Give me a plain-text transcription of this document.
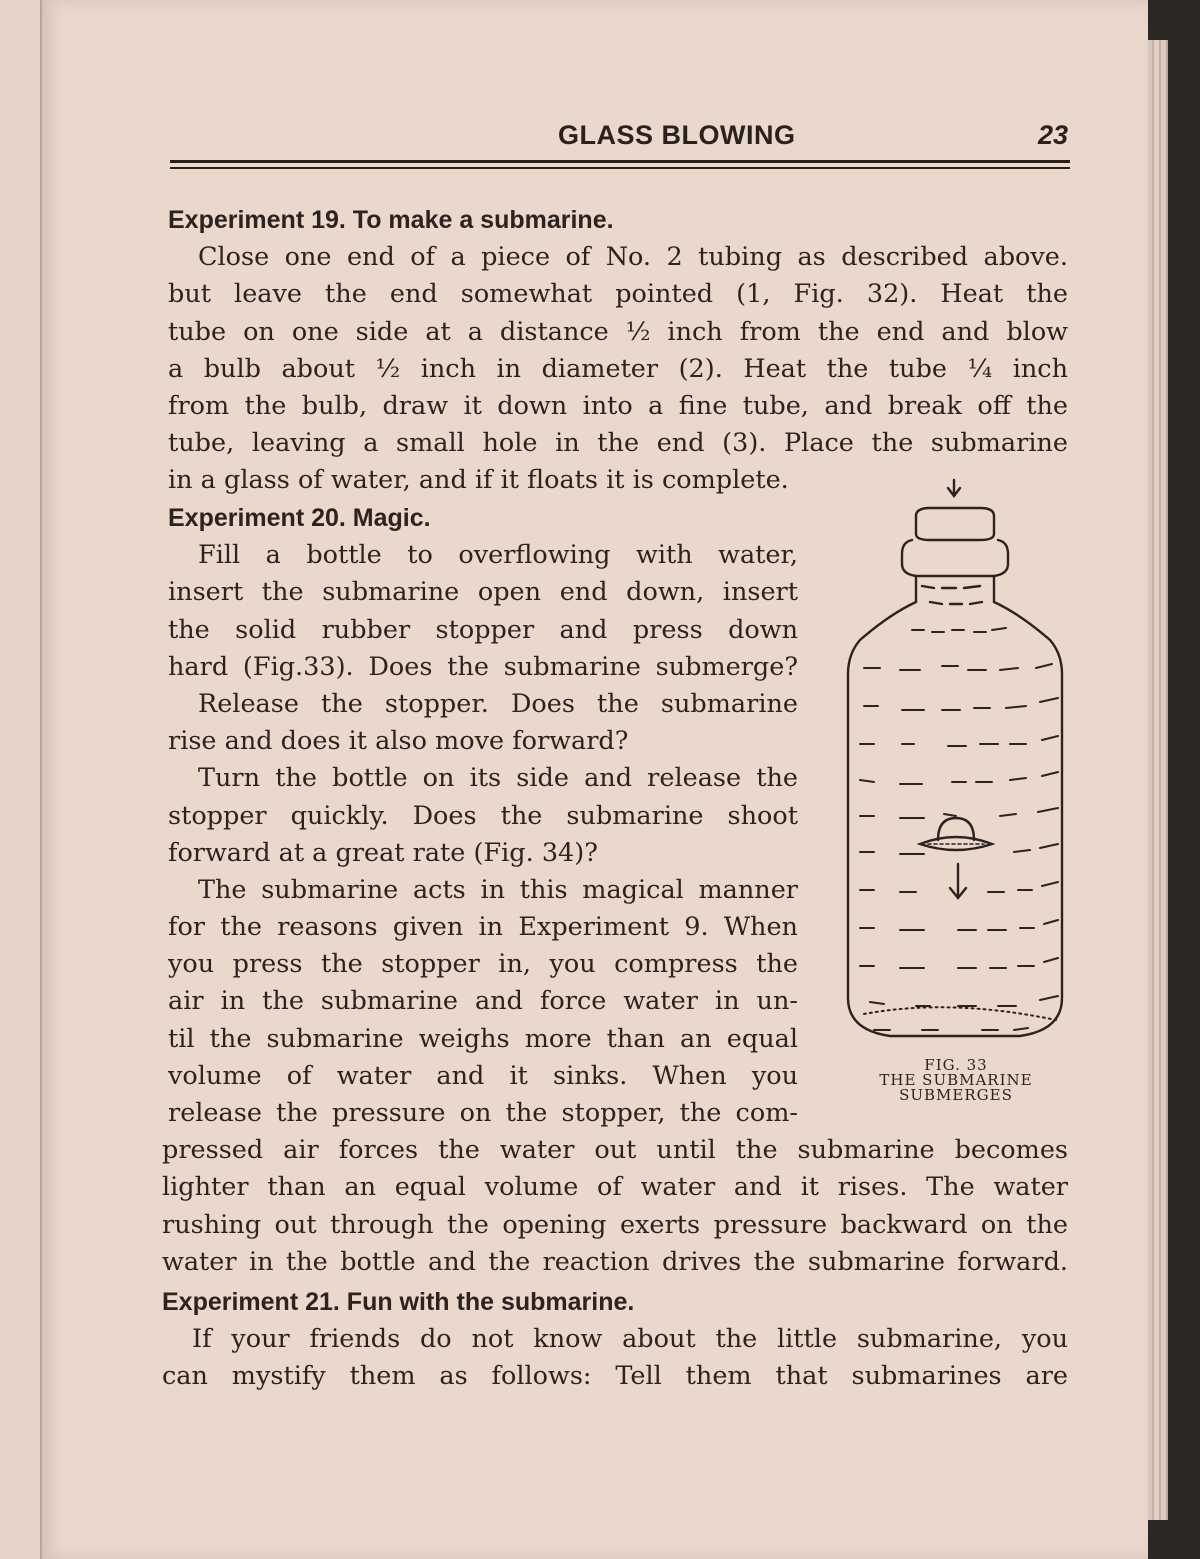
GLASS BLOWING	23
Experiment 19. To make a submarine.
Close one end of a piece of No. 2 tubing as described above.
but leave the end somewhat pointed (1, Fig. 32). Heat the
tube on one side at a distance ½ inch from the end and blow
a bulb about ½ inch in diameter (2). Heat the tube ¼ inch
from the bulb, draw it down into a fine tube, and break off the
tube, leaving a small hole in the end (3). Place the submarine
in a glass of water, and if it floats it is complete.
Experiment 20. Magic.
Fill a bottle to overflowing with water,
insert the submarine open end down, insert
the solid rubber stopper and press down
hard (Fig.33). Does the submarine submerge?
Release the stopper. Does the submarine
rise and does it also move forward?
Turn the bottle on its side and release the
stopper quickly. Does the submarine shoot
forward at a great rate (Fig. 34)?
The submarine acts in this magical manner
for the reasons given in Experiment 9. When
you press the stopper in, you compress the
air in the submarine and force water in un-
til the submarine weighs more than an equal
volume of water and it sinks. When you
release the pressure on the stopper, the com-
pressed air forces the water out until the submarine becomes
lighter than an equal volume of water and it rises. The water
rushing out through the opening exerts pressure backward on the
water in the bottle and the reaction drives the submarine forward.
Experiment 21. Fun with the submarine.
If your friends do not know about the little submarine, you
can mystify them as follows: Tell them that submarines are
FIG. 33
THE SUBMARINE
SUBMERGES
